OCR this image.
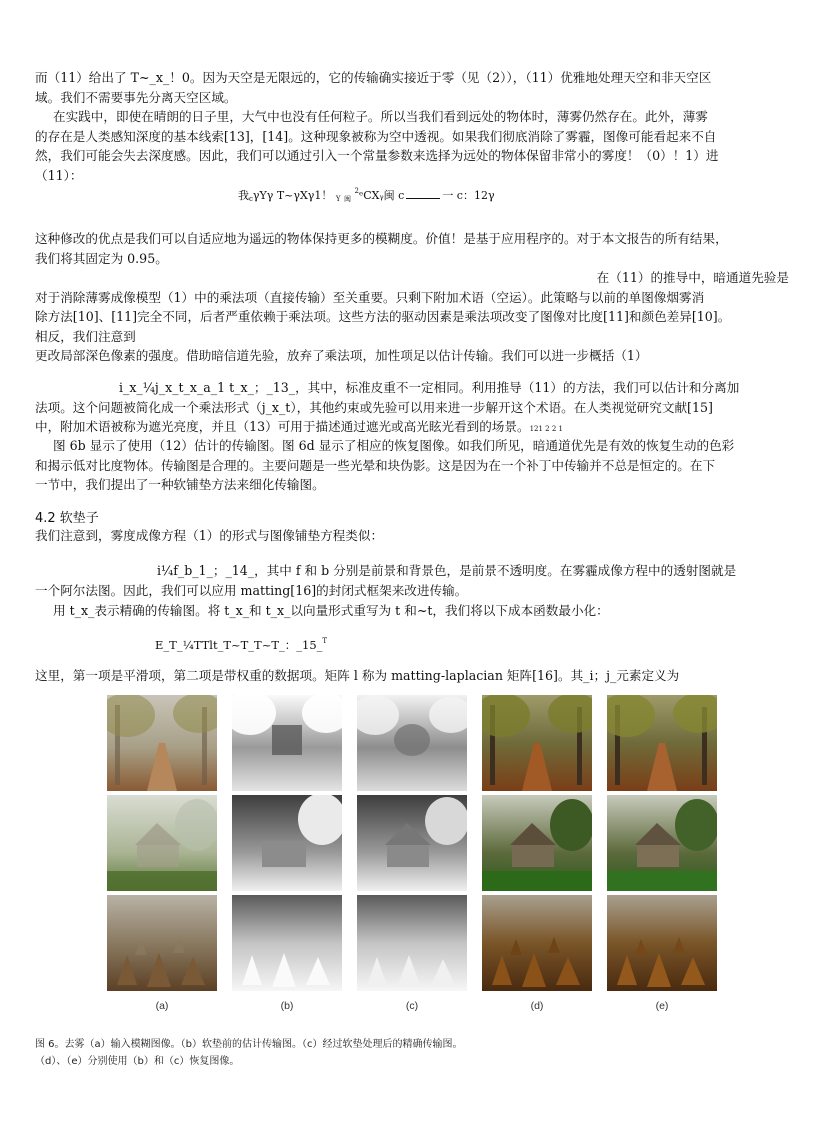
而（11）给出了 T~_x_！0。因为天空是无限远的，它的传输确实接近于零（见（2）），（11）优雅地处理天空和非天空区
域。我们不需要事先分离天空区域。

在实践中，即使在晴朗的日子里，大气中也没有任何粒子。所以当我们看到远处的物体时，薄雾仍然存在。此外，薄雾
的存在是人类感知深度的基本线索[13]，[14]。这种现象被称为空中透视。如果我们彻底消除了雾霾，图像可能看起来不自
然，我们可能会失去深度感。因此，我们可以通过引入一个常量参数来选择为远处的物体保留非常小的雾度！（0）！1）进
（11）：

我$_c$γYγ T~γXγ1！ $_Y$ $_闽$ $^2$ᵉCXᵧ闽 c	一 c：12γ

这种修改的优点是我们可以自适应地为遥远的物体保持更多的模糊度。价值！是基于应用程序的。对于本文报告的所有结果，
我们将其固定为 0.95。

在（11）的推导中，暗通道先验是
对于消除薄雾成像模型（1）中的乘法项（直接传输）至关重要。只剩下附加术语（空运）。此策略与以前的单图像烟雾消
除方法[10]、[11]完全不同，后者严重依赖于乘法项。这些方法的驱动因素是乘法项改变了图像对比度[11]和颜色差异[10]。
相反，我们注意到
更改局部深色像素的强度。借助暗信道先验，放弃了乘法项，加性项足以估计传输。我们可以进一步概括（1）

i_x_¼j_x_t_x_a_1 t_x_；_13_，其中，标准皮重不一定相同。利用推导（11）的方法，我们可以估计和分离加
法项。这个问题被简化成一个乘法形式（j_x_t），其他约束或先验可以用来进一步解开这个术语。在人类视觉研究文献[15]
中，附加术语被称为遮光亮度，并且（13）可用于描述通过遮光或高光眩光看到的场景。121 2 2 1

图 6b 显示了使用（12）估计的传输图。图 6d 显示了相应的恢复图像。如我们所见，暗通道优先是有效的恢复生动的色彩
和揭示低对比度物体。传输图是合理的。主要问题是一些光晕和块伪影。这是因为在一个补丁中传输并不总是恒定的。在下
一节中，我们提出了一种软铺垫方法来细化传输图。

4.2 软垫子

我们注意到，雾度成像方程（1）的形式与图像铺垫方程类似：

i¼f_b_1_；_14_，其中 f 和 b 分别是前景和背景色，是前景不透明度。在雾霾成像方程中的透射图就是
一个阿尔法图。因此，我们可以应用 matting[16]的封闭式框架来改进传输。

用 t_x_表示精确的传输图。将 t_x_和 t_x_以向量形式重写为 t 和~t，我们将以下成本函数最小化：

E_T_¼TTlt_T~T_T~T_：_15_$^T$

这里，第一项是平滑项，第二项是带权重的数据项。矩阵 l 称为 matting-laplacian 矩阵[16]。其_i；j_元素定义为

(a)	(b)	(c)	(d)	(e)
图 6。去雾（a）输入模糊图像。（b）软垫前的估计传输图。（c）经过软垫处理后的精确传输图。
（d）、（e）分别使用（b）和（c）恢复图像。
